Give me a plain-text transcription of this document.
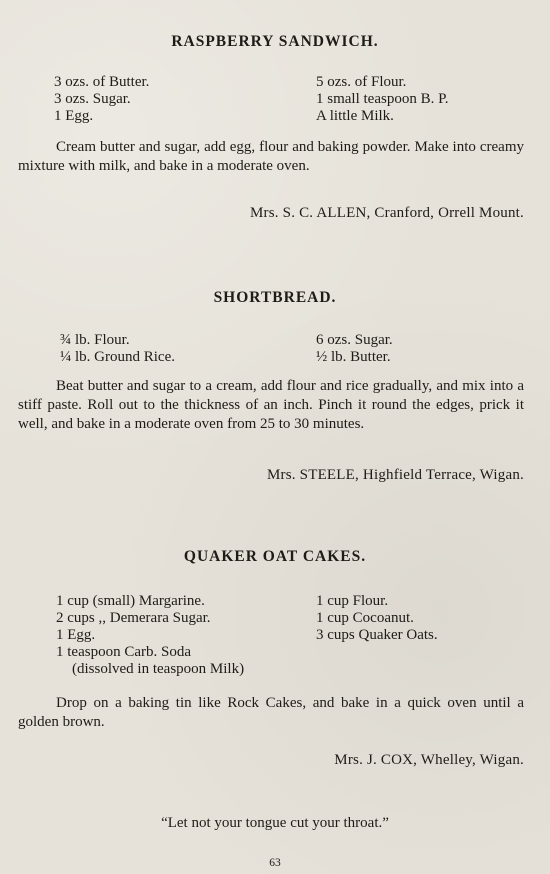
RASPBERRY SANDWICH.
3 ozs. of Butter.
3 ozs. Sugar.
1 Egg.
5 ozs. of Flour.
1 small teaspoon B. P.
A little Milk.
Cream butter and sugar, add egg, flour and baking powder. Make into creamy mixture with milk, and bake in a moderate oven.
Mrs. S. C. ALLEN, Cranford, Orrell Mount.
SHORTBREAD.
¾ lb. Flour.
¼ lb. Ground Rice.
6 ozs. Sugar.
½ lb. Butter.
Beat butter and sugar to a cream, add flour and rice gradually, and mix into a stiff paste. Roll out to the thickness of an inch. Pinch it round the edges, prick it well, and bake in a moderate oven from 25 to 30 minutes.
Mrs. STEELE, Highfield Terrace, Wigan.
QUAKER OAT CAKES.
1 cup (small) Margarine.
2 cups ,, Demerara Sugar.
1 Egg.
1 teaspoon Carb. Soda
(dissolved in teaspoon Milk)
1 cup Flour.
1 cup Cocoanut.
3 cups Quaker Oats.
Drop on a baking tin like Rock Cakes, and bake in a quick oven until a golden brown.
Mrs. J. COX, Whelley, Wigan.
“Let not your tongue cut your throat.”
63
